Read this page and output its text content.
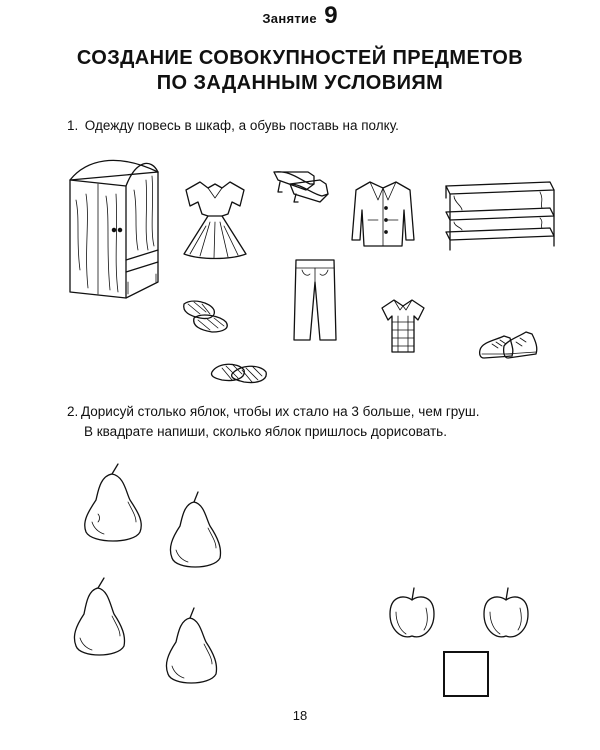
Занятие 9
СОЗДАНИЕ СОВОКУПНОСТЕЙ ПРЕДМЕТОВ
ПО ЗАДАННЫМ УСЛОВИЯМ
1. Одежду повесь в шкаф, а обувь поставь на полку.
2. Дорисуй столько яблок, чтобы их стало на 3 больше, чем груш.
В квадрате напиши, сколько яблок пришлось дорисовать.
18
